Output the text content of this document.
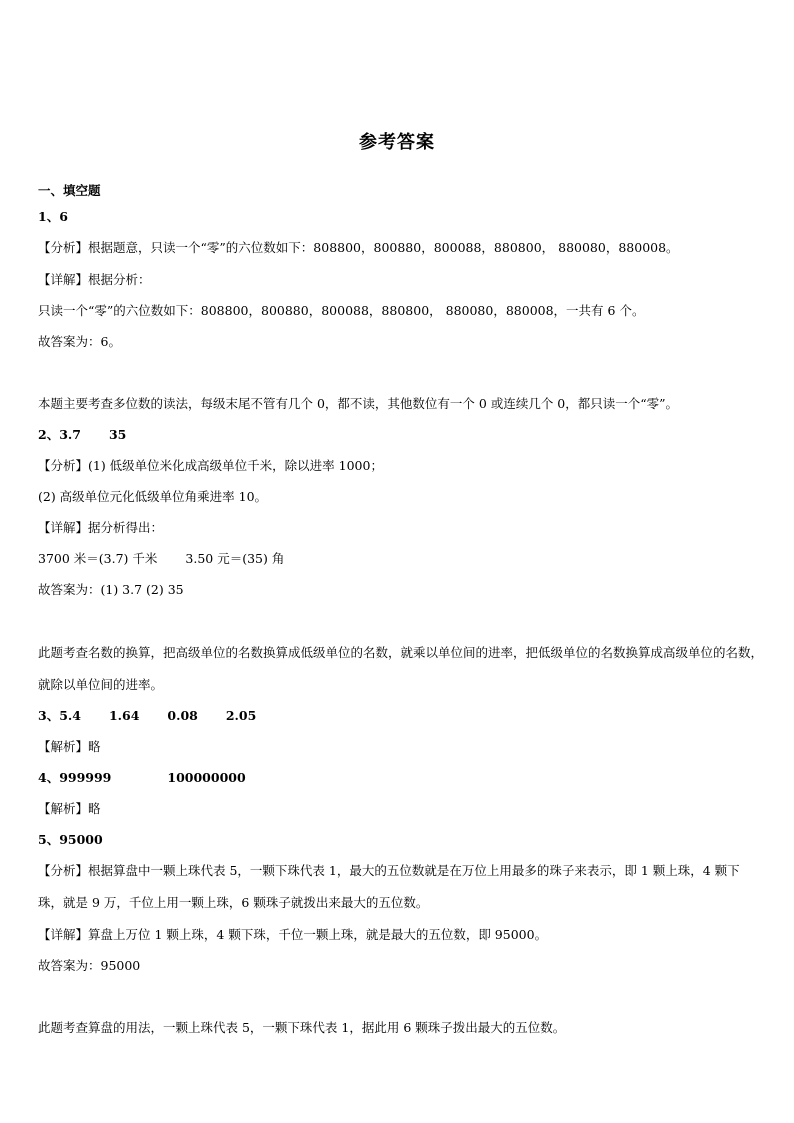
参考答案
一、填空题
1、6
【分析】根据题意，只读一个“零”的六位数如下：808800，800880，800088，880800， 880080，880008。
【详解】根据分析：
只读一个“零”的六位数如下：808800，800880，800088，880800， 880080，880008，一共有 6 个。
故答案为：6。
本题主要考查多位数的读法，每级末尾不管有几个 0，都不读，其他数位有一个 0 或连续几个 0，都只读一个“零”。
2、3.7 35
【分析】(1) 低级单位米化成高级单位千米，除以进率 1000；
(2) 高级单位元化低级单位角乘进率 10。
【详解】据分析得出：
3700 米＝(3.7) 千米 3.50 元＝(35) 角
故答案为：(1) 3.7 (2) 35
此题考查名数的换算，把高级单位的名数换算成低级单位的名数，就乘以单位间的进率，把低级单位的名数换算成高级单位的名数，就除以单位间的进率。
3、5.4 1.64 0.08 2.05
【解析】略
4、999999	100000000
【解析】略
5、95000
【分析】根据算盘中一颗上珠代表 5，一颗下珠代表 1，最大的五位数就是在万位上用最多的珠子来表示，即 1 颗上珠，4 颗下珠，就是 9 万，千位上用一颗上珠，6 颗珠子就拨出来最大的五位数。
【详解】算盘上万位 1 颗上珠，4 颗下珠，千位一颗上珠，就是最大的五位数，即 95000。
故答案为：95000
此题考查算盘的用法，一颗上珠代表 5，一颗下珠代表 1，据此用 6 颗珠子拨出最大的五位数。
